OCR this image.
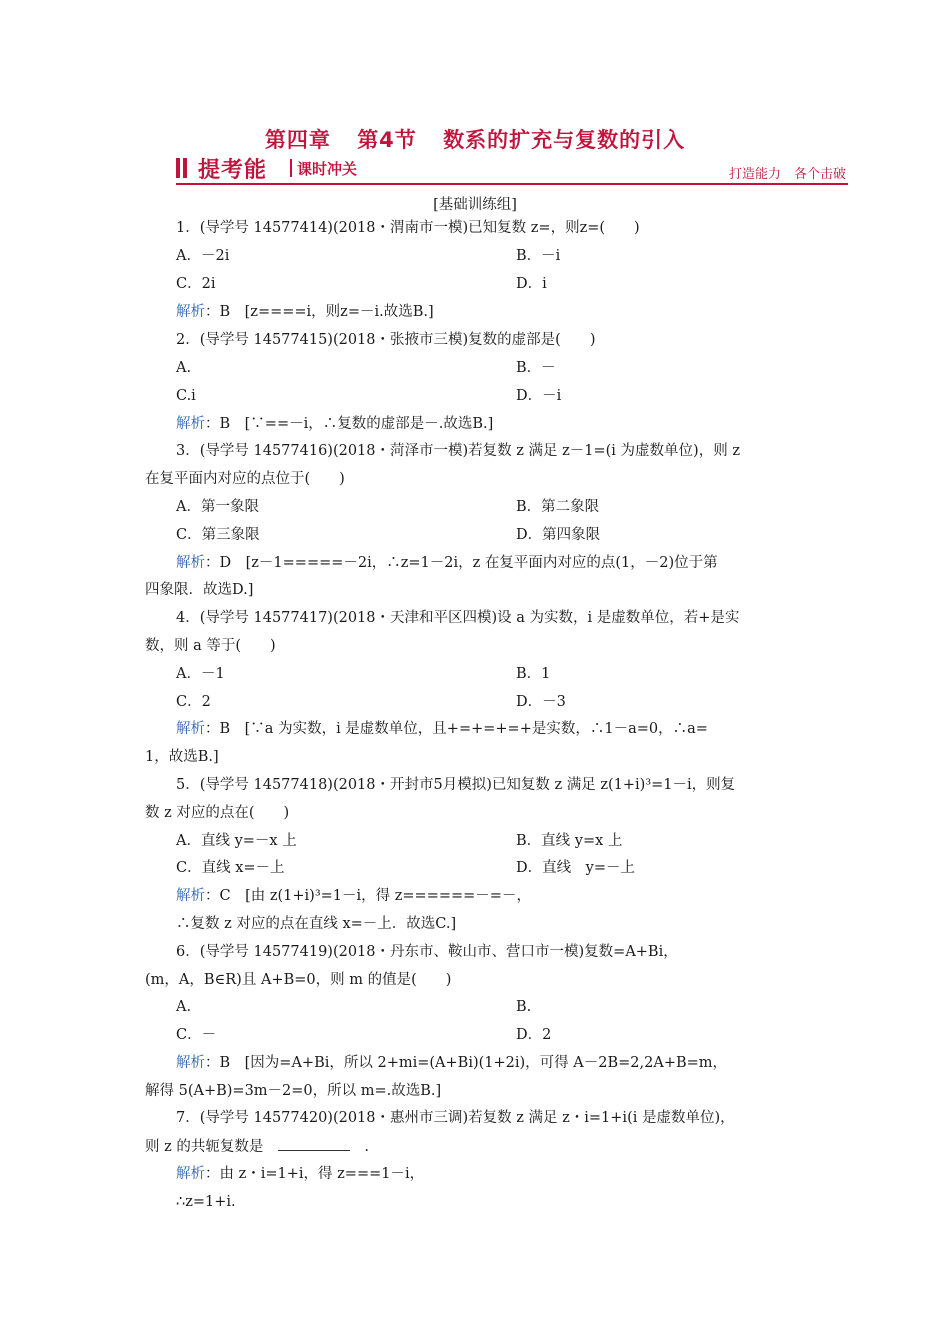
第四章 第4节 数系的扩充与复数的引入
提考能 课时冲关	打造能力　各个击破
[基础训练组]
1．(导学号 14577414)(2018・渭南市一模)已知复数 z=，则z=(　　)
A．－2i	B．－i
C．2i	D．i
解析：B　[z====i，则z=－i.故选B.]
2．(导学号 14577415)(2018・张掖市三模)复数的虚部是(　　)
A.	B．－
C.i	D．－i
解析：B　[∵==－i，∴复数的虚部是－.故选B.]
3．(导学号 14577416)(2018・菏泽市一模)若复数 z 满足 z－1=(i 为虚数单位)，则 z
在复平面内对应的点位于(　　)
A．第一象限	B．第二象限
C．第三象限	D．第四象限
解析：D　[z－1=====－2i，∴z=1－2i，z 在复平面内对应的点(1，－2)位于第
四象限．故选D.]
4．(导学号 14577417)(2018・天津和平区四模)设 a 为实数，i 是虚数单位，若+是实
数，则 a 等于(　　)
A．－1	B．1
C．2	D．－3
解析：B　[∵a 为实数，i 是虚数单位，且+=+=+=+是实数，∴1－a=0，∴a=
1，故选B.]
5．(导学号 14577418)(2018・开封市5月模拟)已知复数 z 满足 z(1+i)³=1－i，则复
数 z 对应的点在(　　)
A．直线 y=－x 上	B．直线 y=x 上
C．直线 x=－上	D．直线　y=－上
解析：C　[由 z(1+i)³=1－i，得 z======－=－，
∴复数 z 对应的点在直线 x=－上．故选C.]
6．(导学号 14577419)(2018・丹东市、鞍山市、营口市一模)复数=A+Bi，
(m，A，B∈R)且 A+B=0，则 m 的值是(　　)
A.	B.
C．－	D．2
解析：B　[因为=A+Bi，所以 2+mi=(A+Bi)(1+2i)，可得 A－2B=2,2A+B=m，
解得 5(A+B)=3m－2=0，所以 m=.故选B.]
7．(导学号 14577420)(2018・惠州市三调)若复数 z 满足 z・i=1+i(i 是虚数单位)，
则 z 的共轭复数是　	　.
解析：由 z・i=1+i，得 z===1－i，
∴z=1+i.
